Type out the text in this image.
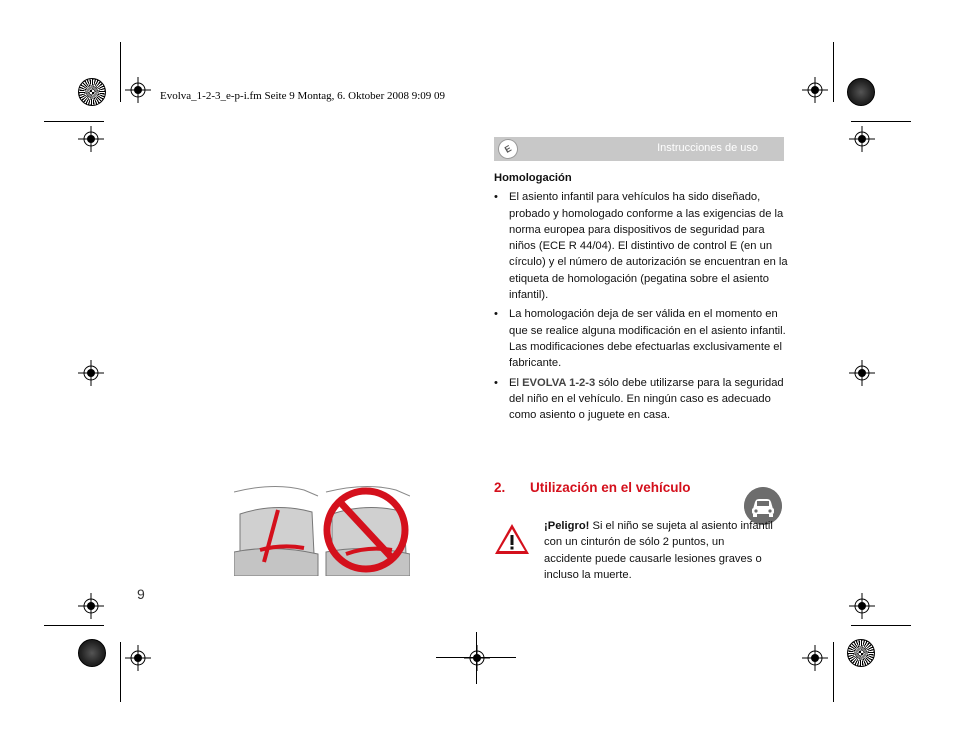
Evolva_1-2-3_e-p-i.fm Seite 9 Montag, 6. Oktober 2008 9:09 09
E	Instrucciones de uso
Homologación
• El asiento infantil para vehículos ha sido diseñado, probado y homologado conforme a las exigencias de la norma europea para dispositivos de seguridad para niños (ECE R 44/04). El distintivo de control E (en un círculo) y el número de autorización se encuentran en la etiqueta de homologación (pegatina sobre el asiento infantil).
• La homologación deja de ser válida en el momento en que se realice alguna modificación en el asiento infantil. Las modificaciones debe efectuarlas exclusivamente el fabricante.
• El EVOLVA 1-2-3 sólo debe utilizarse para la seguridad del niño en el vehículo. En ningún caso es adecuado como asiento o juguete en casa.
2. Utilización en el vehículo
¡Peligro! Si el niño se sujeta al asiento infantil con un cinturón de sólo 2 puntos, un accidente puede causarle lesiones graves o incluso la muerte.
9
